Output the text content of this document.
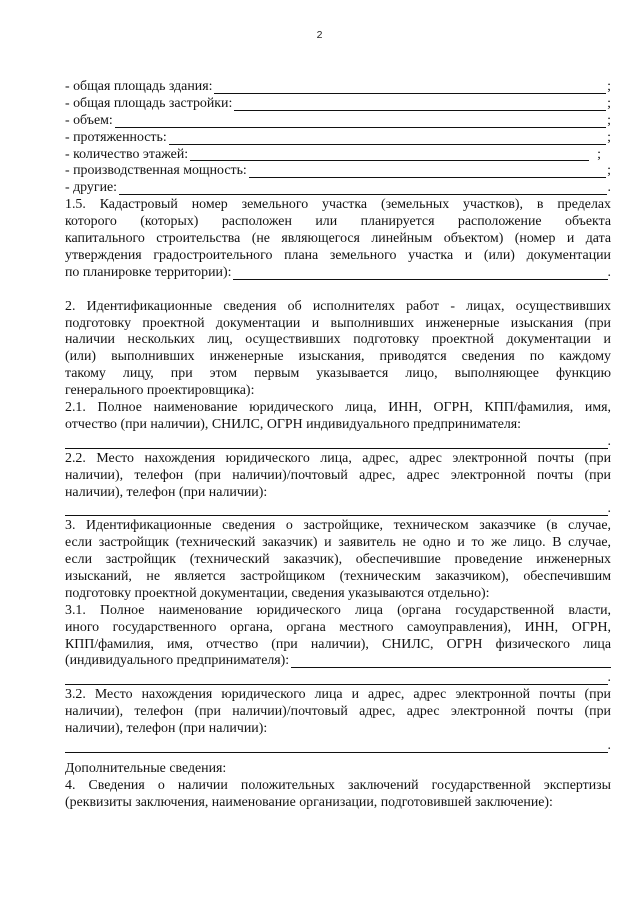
2
- общая площадь здания:	;
- общая площадь застройки:	;
- объем:	;
- протяженность:	;
- количество этажей:	;
- производственная мощность:	;
- другие:	.
1.5. Кадастровый номер земельного участка (земельных участков), в пределах
которого (которых) расположен или планируется расположение объекта
капитального строительства (не являющегося линейным объектом) (номер и дата
утверждения градостроительного плана земельного участка и (или) документации
по планировке территории):	.
2. Идентификационные сведения об исполнителях работ - лицах, осуществивших
подготовку проектной документации и выполнивших инженерные изыскания (при
наличии нескольких лиц, осуществивших подготовку проектной документации и
(или) выполнивших инженерные изыскания, приводятся сведения по каждому
такому лицу, при этом первым указывается лицо, выполняющее функцию
генерального проектировщика):
2.1. Полное наименование юридического лица, ИНН, ОГРН, КПП/фамилия, имя,
отчество (при наличии), СНИЛС, ОГРН индивидуального предпринимателя:
.
2.2. Место нахождения юридического лица, адрес, адрес электронной почты (при
наличии), телефон (при наличии)/почтовый адрес, адрес электронной почты (при
наличии), телефон (при наличии):
.
3. Идентификационные сведения о застройщике, техническом заказчике (в случае,
если застройщик (технический заказчик) и заявитель не одно и то же лицо. В случае,
если застройщик (технический заказчик), обеспечившие проведение инженерных
изысканий, не является застройщиком (техническим заказчиком), обеспечившим
подготовку проектной документации, сведения указываются отдельно):
3.1. Полное наименование юридического лица (органа государственной власти,
иного государственного органа, органа местного самоуправления), ИНН, ОГРН,
КПП/фамилия, имя, отчество (при наличии), СНИЛС, ОГРН физического лица
(индивидуального предпринимателя):
.
3.2. Место нахождения юридического лица и адрес, адрес электронной почты (при
наличии), телефон (при наличии)/почтовый адрес, адрес электронной почты (при
наличии), телефон (при наличии):
.
Дополнительные сведения:
4. Сведения о наличии положительных заключений государственной экспертизы
(реквизиты заключения, наименование организации, подготовившей заключение):
